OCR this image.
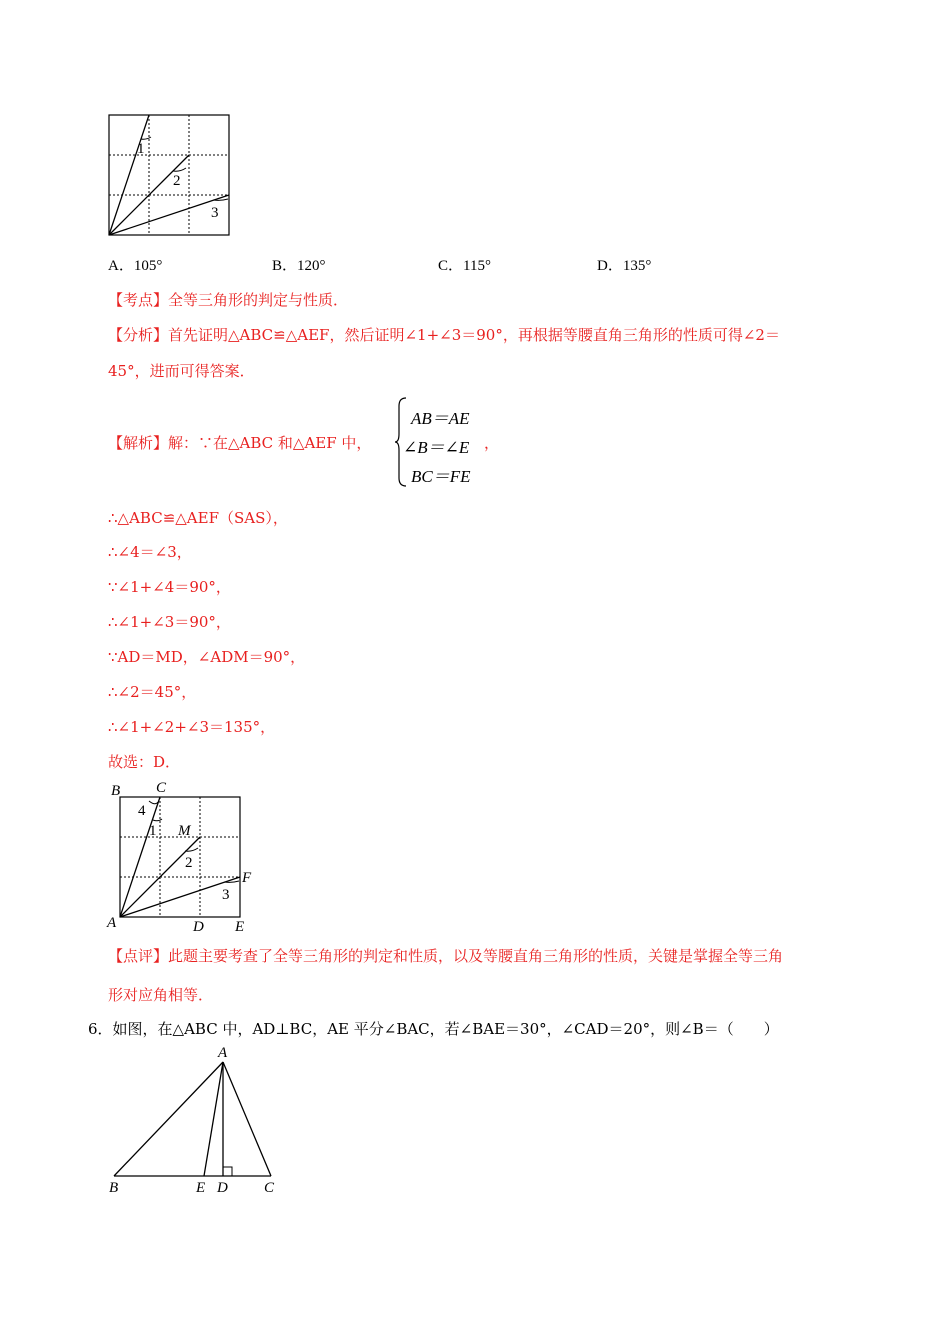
1
2
3
A．105°	B．120°	C．115°	D．135°
【考点】全等三角形的判定与性质．
【分析】首先证明△ABC≌△AEF，然后证明∠1+∠3＝90°，再根据等腰直角三角形的性质可得∠2＝
45°，进而可得答案．
【解析】解：∵在△ABC 和△AEF 中，
AB＝AE
∠B＝∠E
BC＝FE
，
∴△ABC≌△AEF（SAS），
∴∠4＝∠3，
∵∠1+∠4＝90°，
∴∠1+∠3＝90°，
∵AD＝MD，∠ADM＝90°，
∴∠2＝45°，
∴∠1+∠2+∠3＝135°，
故选：D．
B C
4
1 M
2
F
3
A	D E
【点评】此题主要考查了全等三角形的判定和性质，以及等腰直角三角形的性质，关键是掌握全等三角
形对应角相等．
6．如图，在△ABC 中，AD⊥BC，AE 平分∠BAC，若∠BAE＝30°，∠CAD＝20°，则∠B＝（　　）
A
B	E D C
